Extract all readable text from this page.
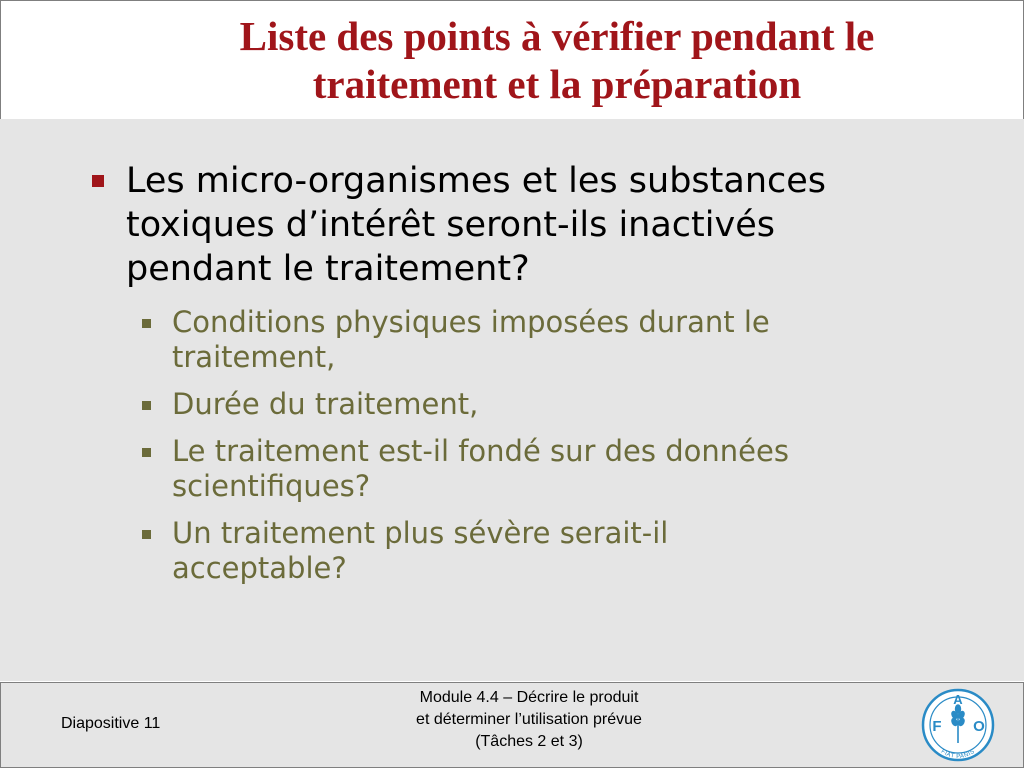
Liste des points à vérifier pendant le
traitement et la préparation
Les micro-organismes et les substances
toxiques d’intérêt seront-ils inactivés
pendant le traitement?
Conditions physiques imposées durant le
traitement,
Durée du traitement,
Le traitement est-il fondé sur des données
scientifiques?
Un traitement plus sévère serait-il
acceptable?
Diapositive 11
Module 4.4 – Décrire le produit
et déterminer l’utilisation prévue
(Tâches 2 et 3)
F
A
O
FIAT PANIS
